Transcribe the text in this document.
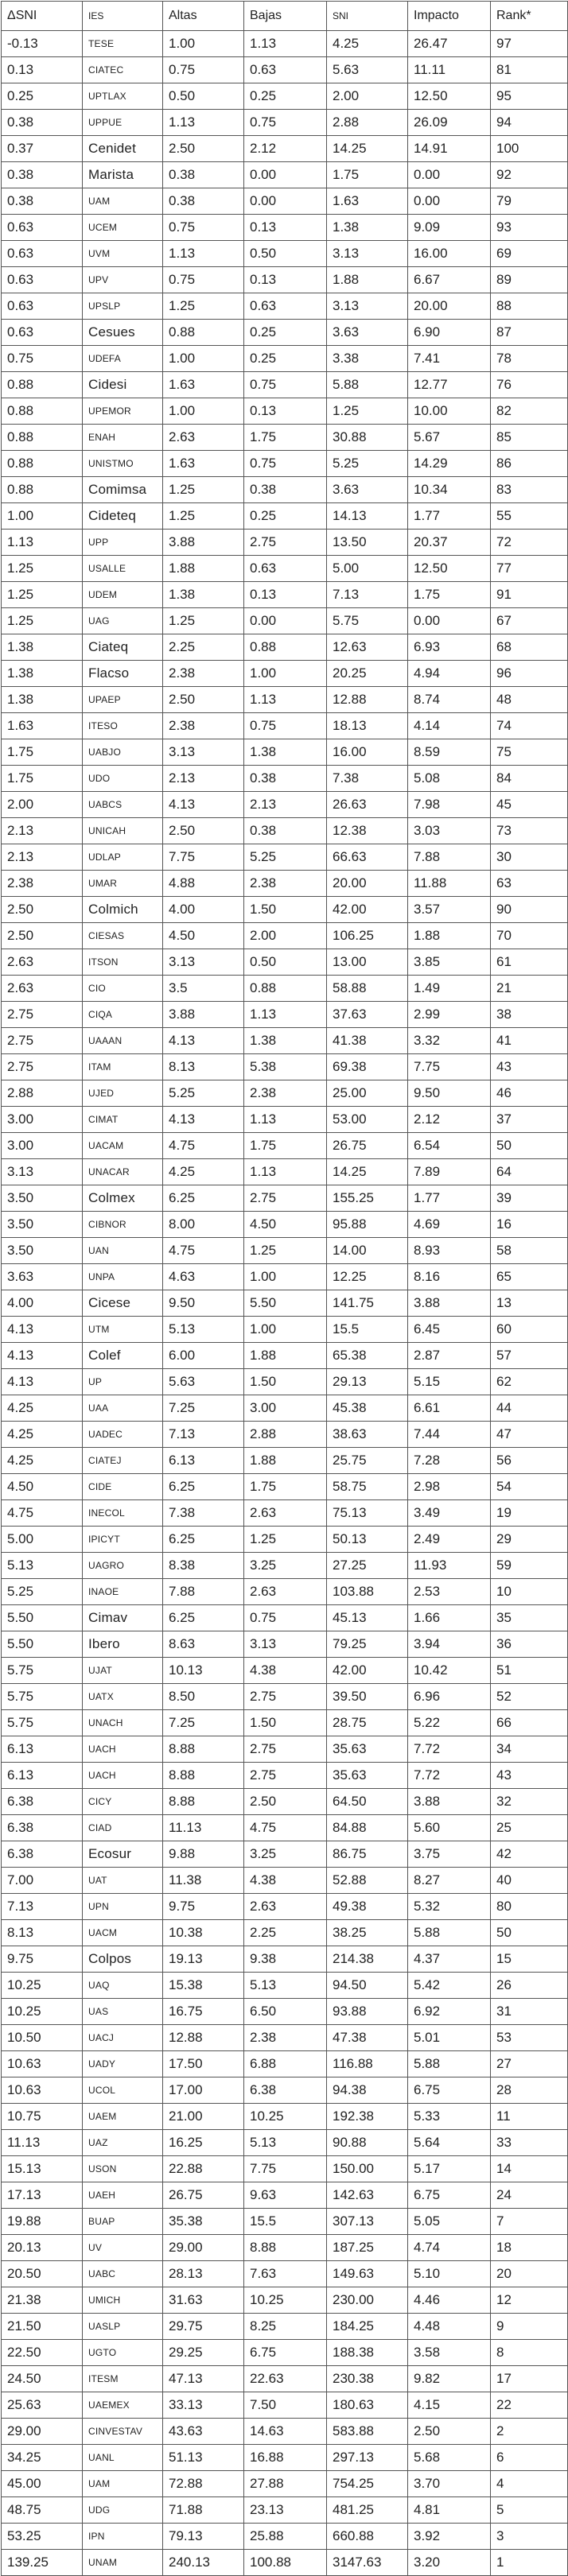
ΔSNI	IES	Altas	Bajas	SNI	Impacto	Rank*
-0.13	TESE	1.00	1.13	4.25	26.47	97
0.13	CIATEC	0.75	0.63	5.63	11.11	81
0.25	UPTLAX	0.50	0.25	2.00	12.50	95
0.38	UPPUE	1.13	0.75	2.88	26.09	94
0.37	Cenidet	2.50	2.12	14.25	14.91	100
0.38	Marista	0.38	0.00	1.75	0.00	92
0.38	UAM	0.38	0.00	1.63	0.00	79
0.63	UCEM	0.75	0.13	1.38	9.09	93
0.63	UVM	1.13	0.50	3.13	16.00	69
0.63	UPV	0.75	0.13	1.88	6.67	89
0.63	UPSLP	1.25	0.63	3.13	20.00	88
0.63	Cesues	0.88	0.25	3.63	6.90	87
0.75	UDEFA	1.00	0.25	3.38	7.41	78
0.88	Cidesi	1.63	0.75	5.88	12.77	76
0.88	UPEMOR	1.00	0.13	1.25	10.00	82
0.88	ENAH	2.63	1.75	30.88	5.67	85
0.88	UNISTMO	1.63	0.75	5.25	14.29	86
0.88	Comimsa	1.25	0.38	3.63	10.34	83
1.00	Cideteq	1.25	0.25	14.13	1.77	55
1.13	UPP	3.88	2.75	13.50	20.37	72
1.25	USALLE	1.88	0.63	5.00	12.50	77
1.25	UDEM	1.38	0.13	7.13	1.75	91
1.25	UAG	1.25	0.00	5.75	0.00	67
1.38	Ciateq	2.25	0.88	12.63	6.93	68
1.38	Flacso	2.38	1.00	20.25	4.94	96
1.38	UPAEP	2.50	1.13	12.88	8.74	48
1.63	ITESO	2.38	0.75	18.13	4.14	74
1.75	UABJO	3.13	1.38	16.00	8.59	75
1.75	UDO	2.13	0.38	7.38	5.08	84
2.00	UABCS	4.13	2.13	26.63	7.98	45
2.13	UNICAH	2.50	0.38	12.38	3.03	73
2.13	UDLAP	7.75	5.25	66.63	7.88	30
2.38	UMAR	4.88	2.38	20.00	11.88	63
2.50	Colmich	4.00	1.50	42.00	3.57	90
2.50	CIESAS	4.50	2.00	106.25	1.88	70
2.63	ITSON	3.13	0.50	13.00	3.85	61
2.63	CIO	3.5	0.88	58.88	1.49	21
2.75	CIQA	3.88	1.13	37.63	2.99	38
2.75	UAAAN	4.13	1.38	41.38	3.32	41
2.75	ITAM	8.13	5.38	69.38	7.75	43
2.88	UJED	5.25	2.38	25.00	9.50	46
3.00	CIMAT	4.13	1.13	53.00	2.12	37
3.00	UACAM	4.75	1.75	26.75	6.54	50
3.13	UNACAR	4.25	1.13	14.25	7.89	64
3.50	Colmex	6.25	2.75	155.25	1.77	39
3.50	CIBNOR	8.00	4.50	95.88	4.69	16
3.50	UAN	4.75	1.25	14.00	8.93	58
3.63	UNPA	4.63	1.00	12.25	8.16	65
4.00	Cicese	9.50	5.50	141.75	3.88	13
4.13	UTM	5.13	1.00	15.5	6.45	60
4.13	Colef	6.00	1.88	65.38	2.87	57
4.13	UP	5.63	1.50	29.13	5.15	62
4.25	UAA	7.25	3.00	45.38	6.61	44
4.25	UADEC	7.13	2.88	38.63	7.44	47
4.25	CIATEJ	6.13	1.88	25.75	7.28	56
4.50	CIDE	6.25	1.75	58.75	2.98	54
4.75	INECOL	7.38	2.63	75.13	3.49	19
5.00	IPICYT	6.25	1.25	50.13	2.49	29
5.13	UAGRO	8.38	3.25	27.25	11.93	59
5.25	INAOE	7.88	2.63	103.88	2.53	10
5.50	Cimav	6.25	0.75	45.13	1.66	35
5.50	Ibero	8.63	3.13	79.25	3.94	36
5.75	UJAT	10.13	4.38	42.00	10.42	51
5.75	UATX	8.50	2.75	39.50	6.96	52
5.75	UNACH	7.25	1.50	28.75	5.22	66
6.13	UACH	8.88	2.75	35.63	7.72	34
6.13	UACH	8.88	2.75	35.63	7.72	43
6.38	CICY	8.88	2.50	64.50	3.88	32
6.38	CIAD	11.13	4.75	84.88	5.60	25
6.38	Ecosur	9.88	3.25	86.75	3.75	42
7.00	UAT	11.38	4.38	52.88	8.27	40
7.13	UPN	9.75	2.63	49.38	5.32	80
8.13	UACM	10.38	2.25	38.25	5.88	50
9.75	Colpos	19.13	9.38	214.38	4.37	15
10.25	UAQ	15.38	5.13	94.50	5.42	26
10.25	UAS	16.75	6.50	93.88	6.92	31
10.50	UACJ	12.88	2.38	47.38	5.01	53
10.63	UADY	17.50	6.88	116.88	5.88	27
10.63	UCOL	17.00	6.38	94.38	6.75	28
10.75	UAEM	21.00	10.25	192.38	5.33	11
11.13	UAZ	16.25	5.13	90.88	5.64	33
15.13	USON	22.88	7.75	150.00	5.17	14
17.13	UAEH	26.75	9.63	142.63	6.75	24
19.88	BUAP	35.38	15.5	307.13	5.05	7
20.13	UV	29.00	8.88	187.25	4.74	18
20.50	UABC	28.13	7.63	149.63	5.10	20
21.38	UMICH	31.63	10.25	230.00	4.46	12
21.50	UASLP	29.75	8.25	184.25	4.48	9
22.50	UGTO	29.25	6.75	188.38	3.58	8
24.50	ITESM	47.13	22.63	230.38	9.82	17
25.63	UAEMEX	33.13	7.50	180.63	4.15	22
29.00	CINVESTAV	43.63	14.63	583.88	2.50	2
34.25	UANL	51.13	16.88	297.13	5.68	6
45.00	UAM	72.88	27.88	754.25	3.70	4
48.75	UDG	71.88	23.13	481.25	4.81	5
53.25	IPN	79.13	25.88	660.88	3.92	3
139.25	UNAM	240.13	100.88	3147.63	3.20	1
